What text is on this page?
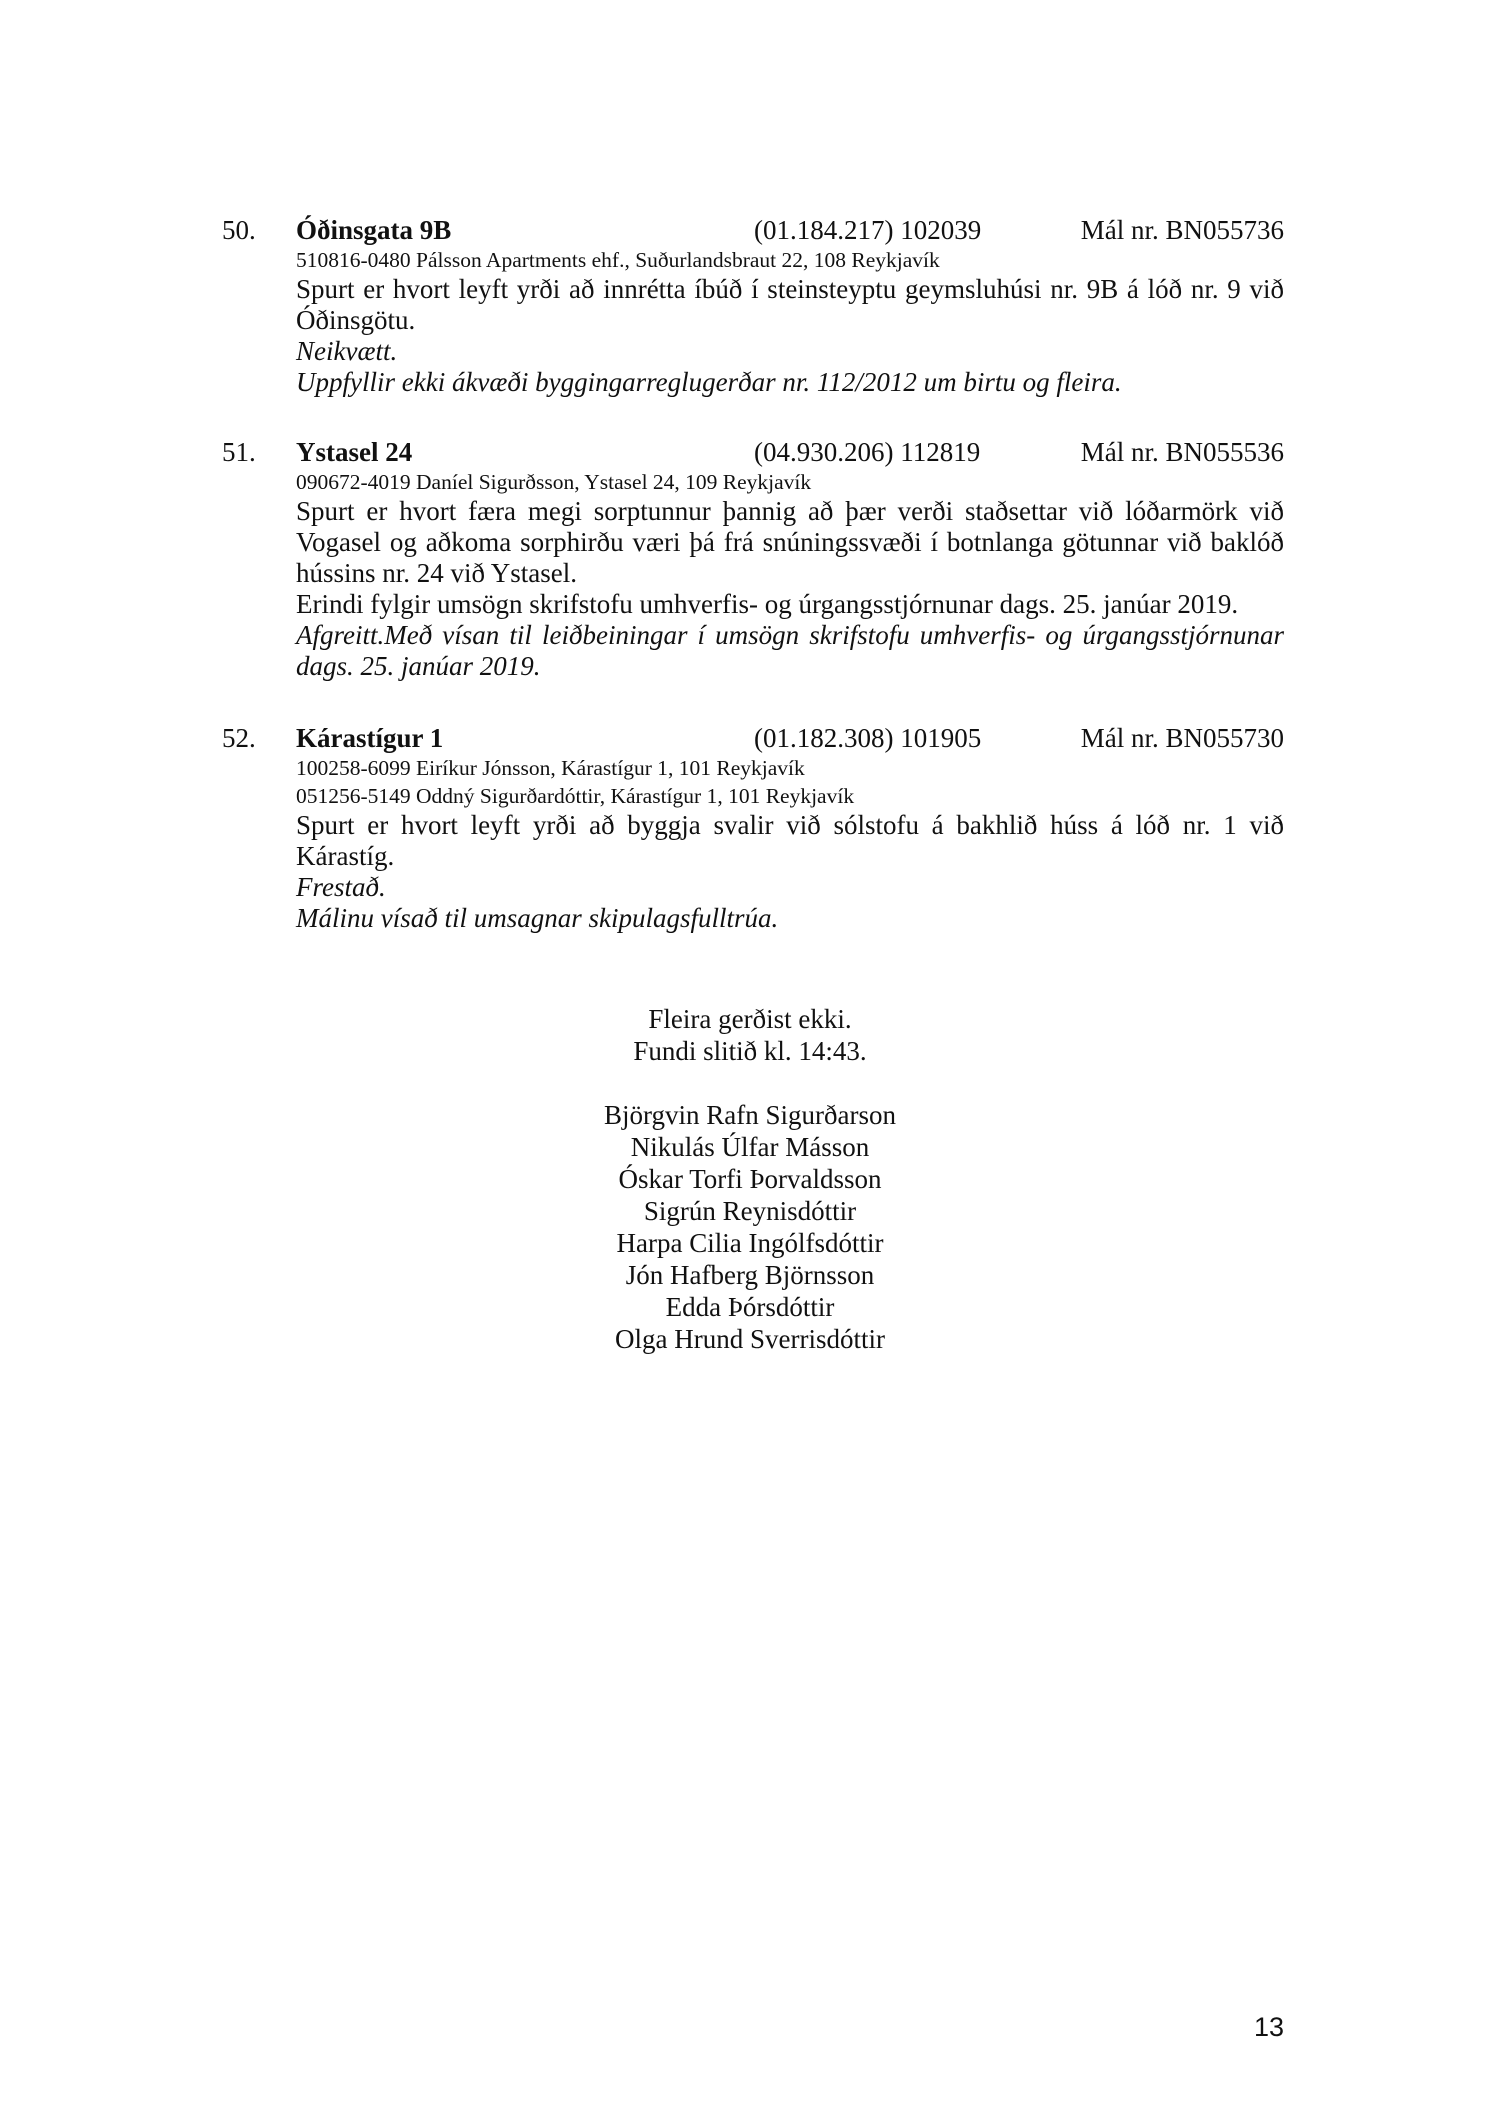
50. Óðinsgata 9B	(01.184.217) 102039	Mál nr. BN055736
510816-0480 Pálsson Apartments ehf., Suðurlandsbraut 22, 108 Reykjavík
Spurt er hvort leyft yrði að innrétta íbúð í steinsteyptu geymsluhúsi nr. 9B á lóð nr. 9 við Óðinsgötu.
Neikvætt.
Uppfyllir ekki ákvæði byggingarreglugerðar nr. 112/2012 um birtu og fleira.
51. Ystasel 24	(04.930.206) 112819	Mál nr. BN055536
090672-4019 Daníel Sigurðsson, Ystasel 24, 109 Reykjavík
Spurt er hvort færa megi sorptunnur þannig að þær verði staðsettar við lóðarmörk við Vogasel og aðkoma sorphirðu væri þá frá snúningssvæði í botnlanga götunnar við baklóð hússins nr. 24 við Ystasel.
Erindi fylgir umsögn skrifstofu umhverfis- og úrgangsstjórnunar dags. 25. janúar 2019.
Afgreitt.Með vísan til leiðbeiningar í umsögn skrifstofu umhverfis- og úrgangsstjórnunar dags. 25. janúar 2019.
52. Kárastígur 1	(01.182.308) 101905	Mál nr. BN055730
100258-6099 Eiríkur Jónsson, Kárastígur 1, 101 Reykjavík
051256-5149 Oddný Sigurðardóttir, Kárastígur 1, 101 Reykjavík
Spurt er hvort leyft yrði að byggja svalir við sólstofu á bakhlið húss á lóð nr. 1 við Kárastíg.
Frestað.
Málinu vísað til umsagnar skipulagsfulltrúa.
Fleira gerðist ekki.
Fundi slitið kl. 14:43.
Björgvin Rafn Sigurðarson
Nikulás Úlfar Másson
Óskar Torfi Þorvaldsson
Sigrún Reynisdóttir
Harpa Cilia Ingólfsdóttir
Jón Hafberg Björnsson
Edda Þórsdóttir
Olga Hrund Sverrisdóttir
13
